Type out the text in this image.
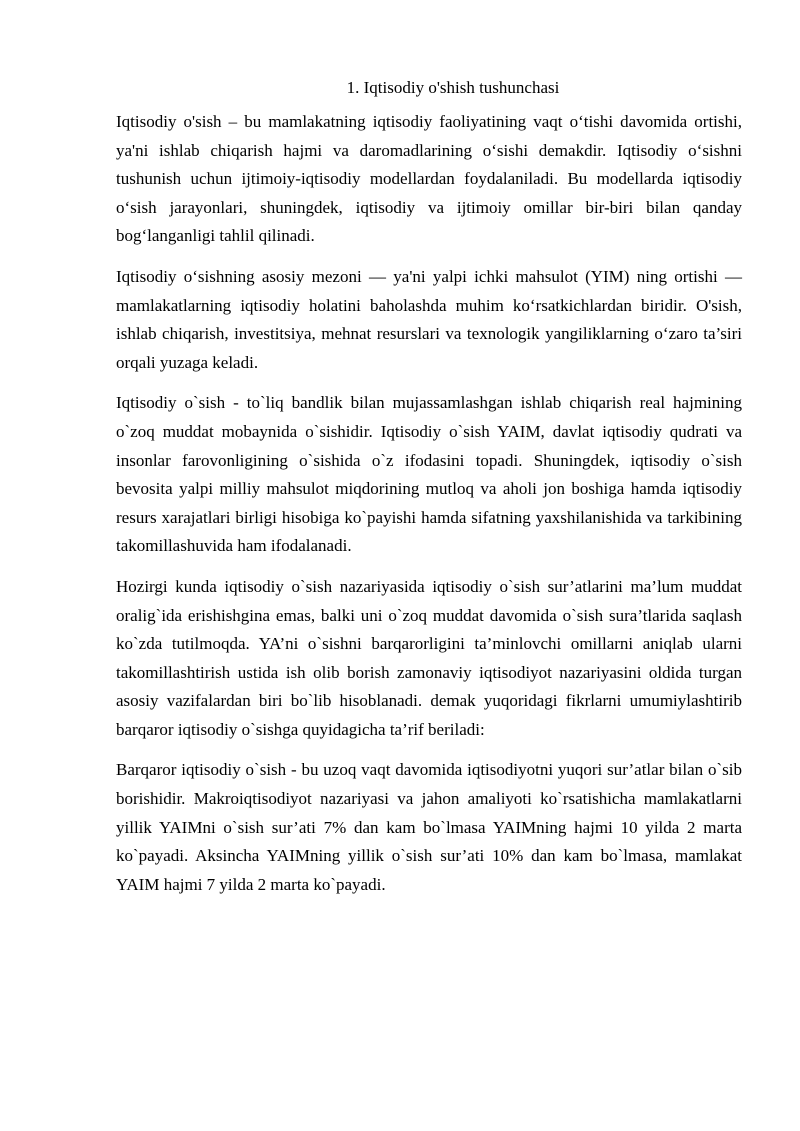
1. Iqtisodiy o'shish tushunchasi

Iqtisodiy o'sish – bu mamlakatning iqtisodiy faoliyatining vaqt o‘tishi davomida ortishi, ya'ni ishlab chiqarish hajmi va daromadlarining o‘sishi demakdir. Iqtisodiy o‘sishni tushunish uchun ijtimoiy-iqtisodiy modellardan foydalaniladi. Bu modellarda iqtisodiy o‘sish jarayonlari, shuningdek, iqtisodiy va ijtimoiy omillar bir-biri bilan qanday bog‘langanligi tahlil qilinadi.

Iqtisodiy o‘sishning asosiy mezoni — ya'ni yalpi ichki mahsulot (YIM) ning ortishi — mamlakatlarning iqtisodiy holatini baholashda muhim ko‘rsatkichlardan biridir. O'sish, ishlab chiqarish, investitsiya, mehnat resurslari va texnologik yangiliklarning o‘zaro ta’siri orqali yuzaga keladi.

Iqtisodiy o`sish - to`liq bandlik bilan mujassamlashgan ishlab chiqarish real hajmining o`zoq muddat mobaynida o`sishidir. Iqtisodiy o`sish YAIM, davlat iqtisodiy qudrati va insonlar farovonligining o`sishida o`z ifodasini topadi. Shuningdek, iqtisodiy o`sish bevosita yalpi milliy mahsulot miqdorining mutloq va aholi jon boshiga hamda iqtisodiy resurs xarajatlari birligi hisobiga ko`payishi hamda sifatning yaxshilanishida va tarkibining takomillashuvida ham ifodalanadi.

Hozirgi kunda iqtisodiy o`sish nazariyasida iqtisodiy o`sish sur’atlarini ma’lum muddat oralig`ida erishishgina emas, balki uni o`zoq muddat davomida o`sish sura’tlarida saqlash ko`zda tutilmoqda. YA’ni o`sishni barqarorligini ta’minlovchi omillarni aniqlab ularni takomillashtirish ustida ish olib borish zamonaviy iqtisodiyot nazariyasini oldida turgan asosiy vazifalardan biri bo`lib hisoblanadi. demak yuqoridagi fikrlarni umumiylashtirib barqaror iqtisodiy o`sishga quyidagicha ta’rif beriladi:

Barqaror iqtisodiy o`sish - bu uzoq vaqt davomida iqtisodiyotni yuqori sur’atlar bilan o`sib borishidir. Makroiqtisodiyot nazariyasi va jahon amaliyoti ko`rsatishicha mamlakatlarni yillik YAIMni o`sish sur’ati 7% dan kam bo`lmasa YAIMning hajmi 10 yilda 2 marta ko`payadi. Aksincha YAIMning yillik o`sish sur’ati 10% dan kam bo`lmasa, mamlakat YAIM hajmi 7 yilda 2 marta ko`payadi.
